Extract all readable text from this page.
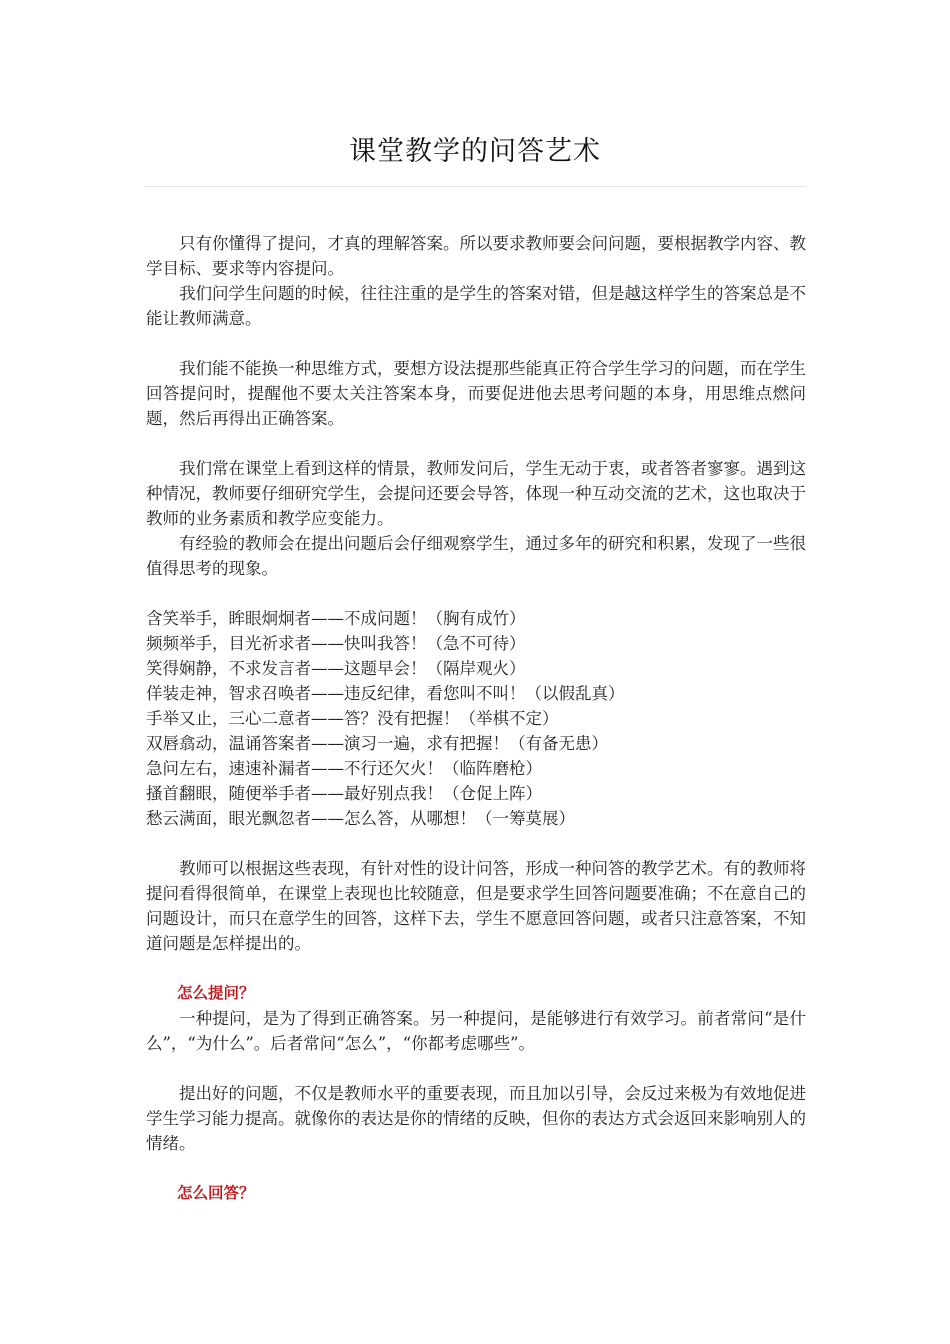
课堂教学的问答艺术

只有你懂得了提问，才真的理解答案。所以要求教师要会问问题，要根据教学内容、教学目标、要求等内容提问。

我们问学生问题的时候，往往注重的是学生的答案对错，但是越这样学生的答案总是不能让教师满意。

我们能不能换一种思维方式，要想方设法提那些能真正符合学生学习的问题，而在学生回答提问时，提醒他不要太关注答案本身，而要促进他去思考问题的本身，用思维点燃问题，然后再得出正确答案。

我们常在课堂上看到这样的情景，教师发问后，学生无动于衷，或者答者寥寥。遇到这种情况，教师要仔细研究学生，会提问还要会导答，体现一种互动交流的艺术，这也取决于教师的业务素质和教学应变能力。

有经验的教师会在提出问题后会仔细观察学生，通过多年的研究和积累，发现了一些很值得思考的现象。

含笑举手，眸眼炯炯者——不成问题！（胸有成竹）

频频举手，目光祈求者——快叫我答！（急不可待）

笑得娴静，不求发言者——这题早会！（隔岸观火）

佯装走神，智求召唤者——违反纪律，看您叫不叫！（以假乱真）

手举又止，三心二意者——答？没有把握！（举棋不定）

双唇翕动，温诵答案者——演习一遍，求有把握！（有备无患）

急问左右，速速补漏者——不行还欠火！（临阵磨枪）

搔首翻眼，随便举手者——最好别点我！（仓促上阵）

愁云满面，眼光飘忽者——怎么答，从哪想！（一筹莫展）

教师可以根据这些表现，有针对性的设计问答，形成一种问答的教学艺术。有的教师将提问看得很简单，在课堂上表现也比较随意，但是要求学生回答问题要准确；不在意自己的问题设计，而只在意学生的回答，这样下去，学生不愿意回答问题，或者只注意答案，不知道问题是怎样提出的。

怎么提问？

一种提问，是为了得到正确答案。另一种提问，是能够进行有效学习。前者常问“是什么”，“为什么”。后者常问“怎么”，“你都考虑哪些”。

提出好的问题，不仅是教师水平的重要表现，而且加以引导，会反过来极为有效地促进学生学习能力提高。就像你的表达是你的情绪的反映，但你的表达方式会返回来影响别人的情绪。

怎么回答？
